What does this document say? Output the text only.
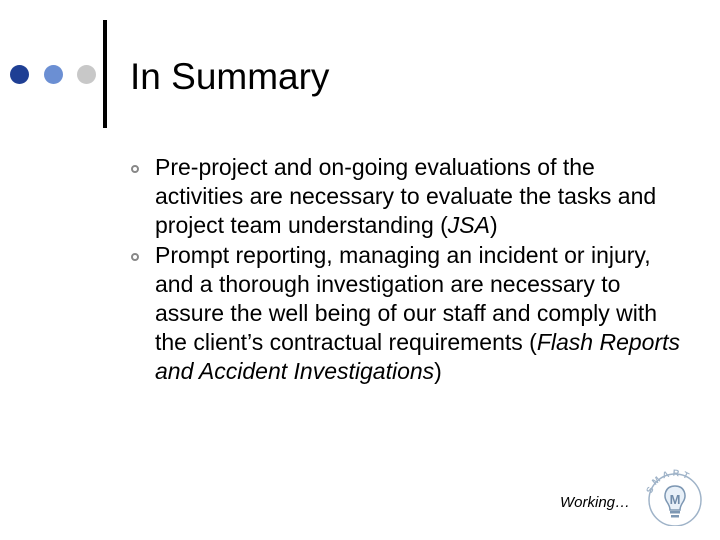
In Summary
Pre-project and on-going evaluations of the activities are necessary to evaluate the tasks and project team understanding (JSA)
Prompt reporting, managing an incident or injury, and a thorough investigation are necessary to assure the well being of our staff and comply with the client’s contractual requirements (Flash Reports and Accident Investigations)
Working…
SMART
M
